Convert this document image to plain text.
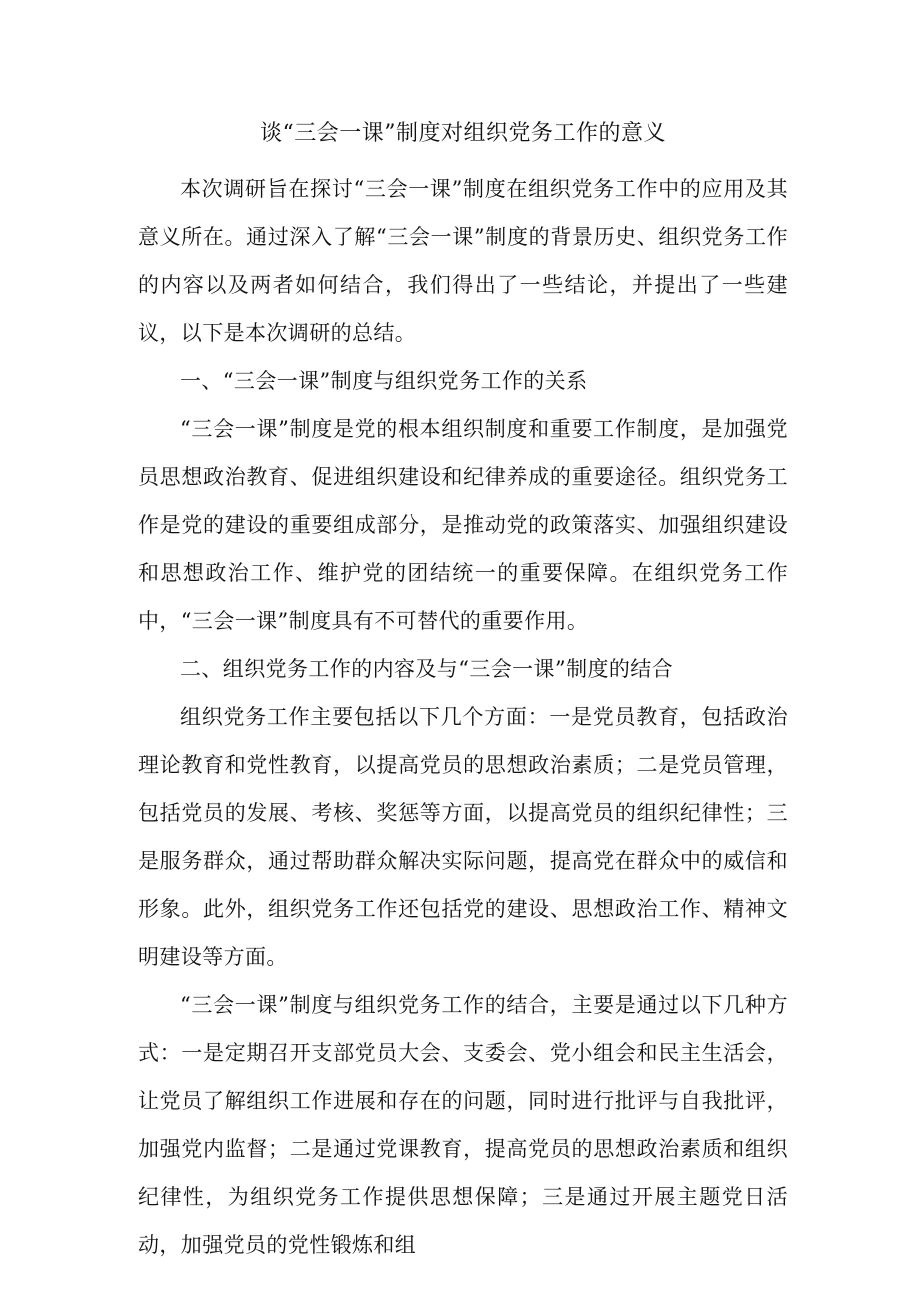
谈“三会一课”制度对组织党务工作的意义

本次调研旨在探讨“三会一课”制度在组织党务工作中的应用及其意义所在。通过深入了解“三会一课”制度的背景历史、组织党务工作的内容以及两者如何结合，我们得出了一些结论，并提出了一些建议，以下是本次调研的总结。

一、“三会一课”制度与组织党务工作的关系

“三会一课”制度是党的根本组织制度和重要工作制度，是加强党员思想政治教育、促进组织建设和纪律养成的重要途径。组织党务工作是党的建设的重要组成部分，是推动党的政策落实、加强组织建设和思想政治工作、维护党的团结统一的重要保障。在组织党务工作中，“三会一课”制度具有不可替代的重要作用。

二、组织党务工作的内容及与“三会一课”制度的结合

组织党务工作主要包括以下几个方面：一是党员教育，包括政治理论教育和党性教育，以提高党员的思想政治素质；二是党员管理，包括党员的发展、考核、奖惩等方面，以提高党员的组织纪律性；三是服务群众，通过帮助群众解决实际问题，提高党在群众中的威信和形象。此外，组织党务工作还包括党的建设、思想政治工作、精神文明建设等方面。

“三会一课”制度与组织党务工作的结合，主要是通过以下几种方式：一是定期召开支部党员大会、支委会、党小组会和民主生活会，让党员了解组织工作进展和存在的问题，同时进行批评与自我批评，加强党内监督；二是通过党课教育，提高党员的思想政治素质和组织纪律性，为组织党务工作提供思想保障；三是通过开展主题党日活动，加强党员的党性锻炼和组
